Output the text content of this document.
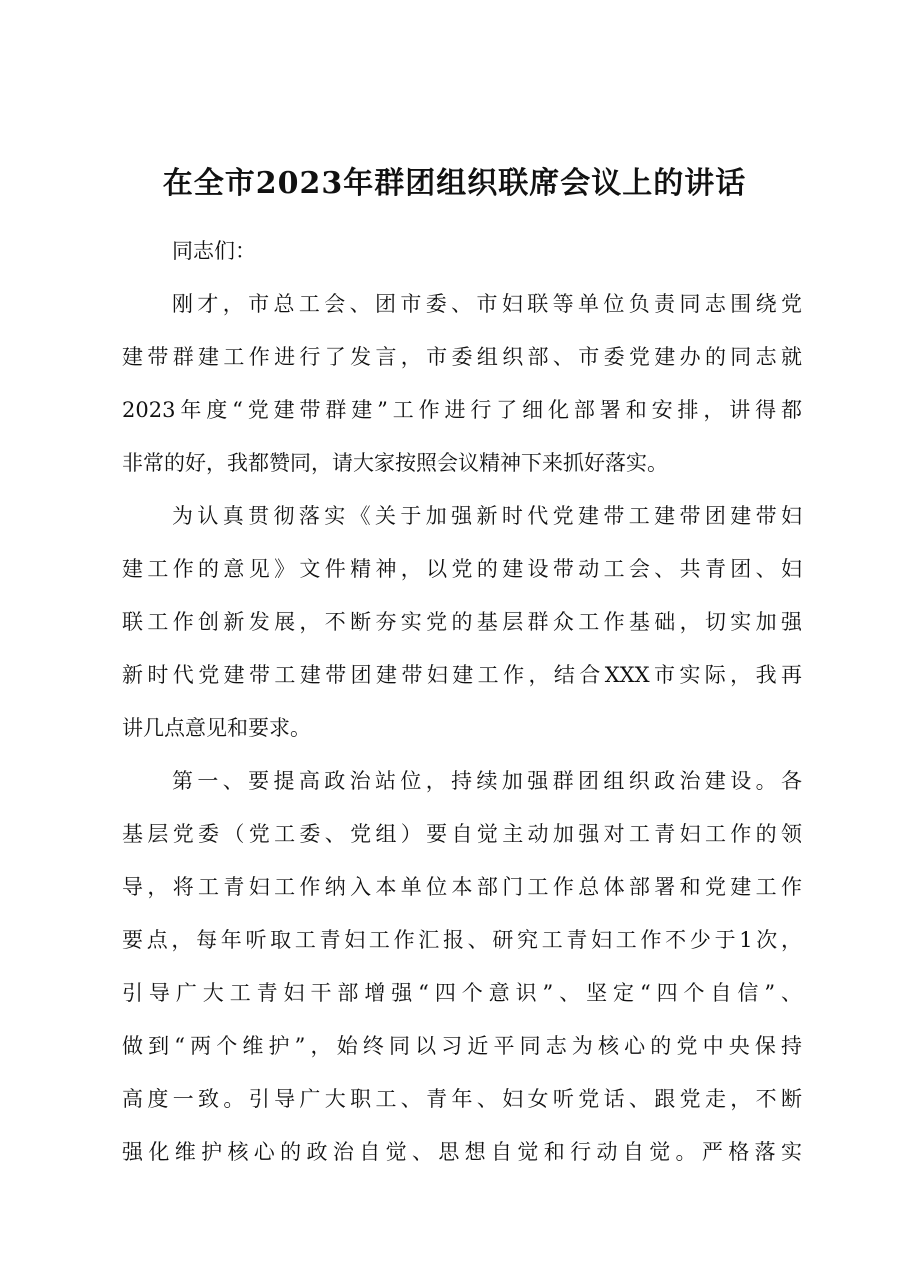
在全市2023年群团组织联席会议上的讲话
同志们：
刚才，市总工会、团市委、市妇联等单位负责同志围绕党
建带群建工作进行了发言，市委组织部、市委党建办的同志就
2023年度“党建带群建”工作进行了细化部署和安排，讲得都
非常的好，我都赞同，请大家按照会议精神下来抓好落实。
为认真贯彻落实《关于加强新时代党建带工建带团建带妇
建工作的意见》文件精神，以党的建设带动工会、共青团、妇
联工作创新发展，不断夯实党的基层群众工作基础，切实加强
新时代党建带工建带团建带妇建工作，结合XXX市实际，我再
讲几点意见和要求。
第一、要提高政治站位，持续加强群团组织政治建设。各
基层党委（党工委、党组）要自觉主动加强对工青妇工作的领
导，将工青妇工作纳入本单位本部门工作总体部署和党建工作
要点，每年听取工青妇工作汇报、研究工青妇工作不少于1次，
引导广大工青妇干部增强“四个意识”、坚定“四个自信”、
做到“两个维护”，始终同以习近平同志为核心的党中央保持
高度一致。引导广大职工、青年、妇女听党话、跟党走，不断
强化维护核心的政治自觉、思想自觉和行动自觉。严格落实
